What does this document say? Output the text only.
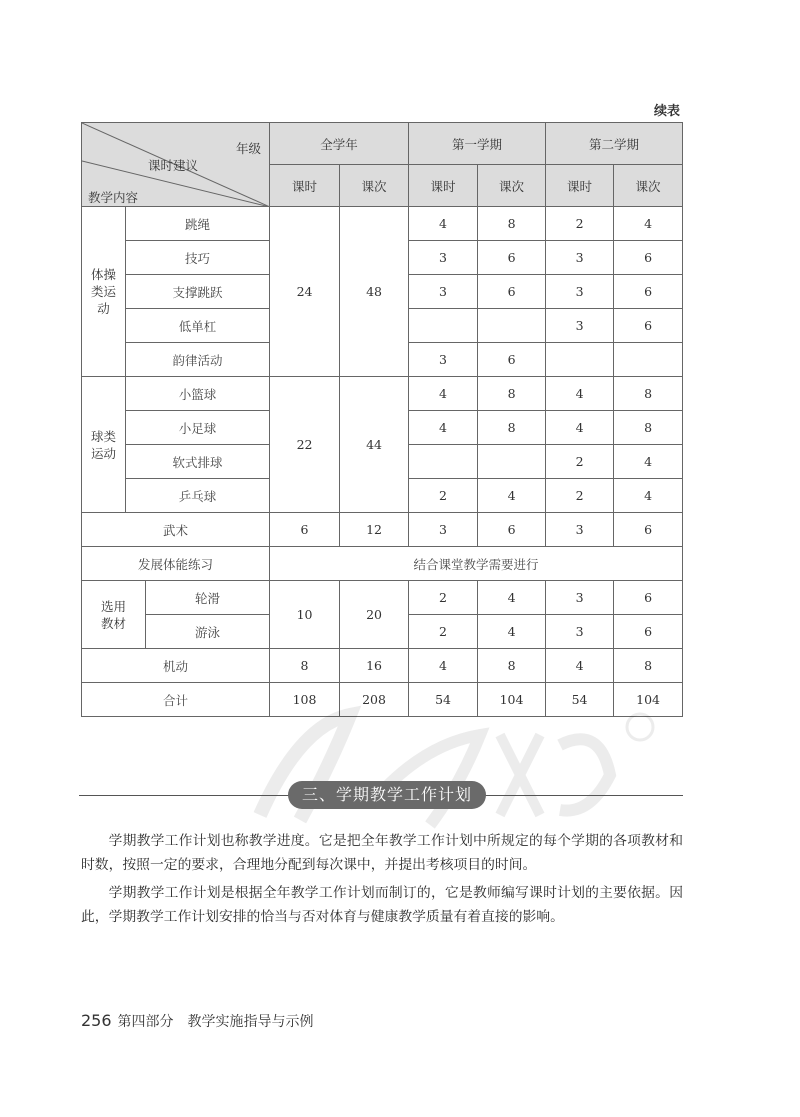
续表
年级
课时建议
教学内容			全学年		第一学期		第二学期	
			课时	课次	课时	课次	课时	课次
体操类运动	跳绳		24	48	4	8	2	4
	技巧				3	6	3	6
	支撑跳跃				3	6	3	6
	低单杠						3	6
	韵律活动				3	6		
球类运动	小篮球		22	44	4	8	4	8
	小足球				4	8	4	8
	软式排球						2	4
	乒乓球				2	4	2	4
武术			6	12	3	6	3	6
发展体能练习			结合课堂教学需要进行					
选用教材		轮滑	10	20	2	4	3	6
		游泳			2	4	3	6
机动			8	16	4	8	4	8
合计			108	208	54	104	54	104
三、学期教学工作计划

学期教学工作计划也称教学进度。它是把全年教学工作计划中所规定的每个学期的各项教材和时数，按照一定的要求，合理地分配到每次课中，并提出考核项目的时间。

学期教学工作计划是根据全年教学工作计划而制订的，它是教师编写课时计划的主要依据。因此，学期教学工作计划安排的恰当与否对体育与健康教学质量有着直接的影响。

256 第四部分　教学实施指导与示例
